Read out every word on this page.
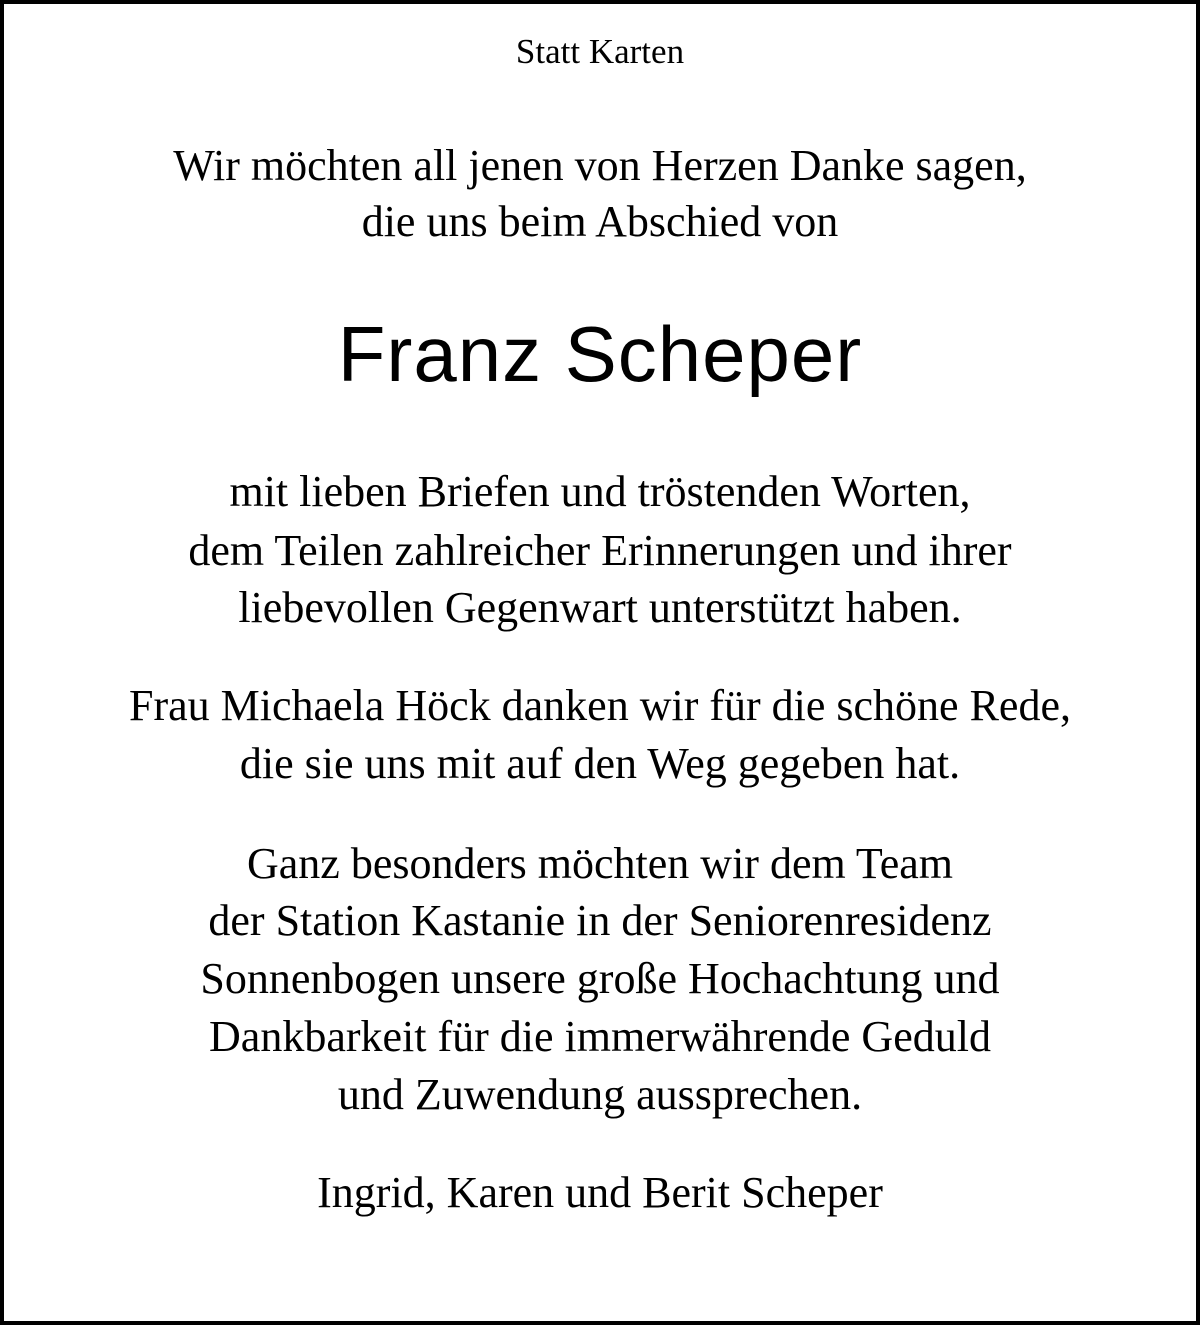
Statt Karten
Wir möchten all jenen von Herzen Danke sagen,
die uns beim Abschied von
Franz Scheper
mit lieben Briefen und tröstenden Worten,
dem Teilen zahlreicher Erinnerungen und ihrer
liebevollen Gegenwart unterstützt haben.
Frau Michaela Höck danken wir für die schöne Rede,
die sie uns mit auf den Weg gegeben hat.
Ganz besonders möchten wir dem Team
der Station Kastanie in der Seniorenresidenz
Sonnenbogen unsere große Hochachtung und
Dankbarkeit für die immerwährende Geduld
und Zuwendung aussprechen.
Ingrid, Karen und Berit Scheper
